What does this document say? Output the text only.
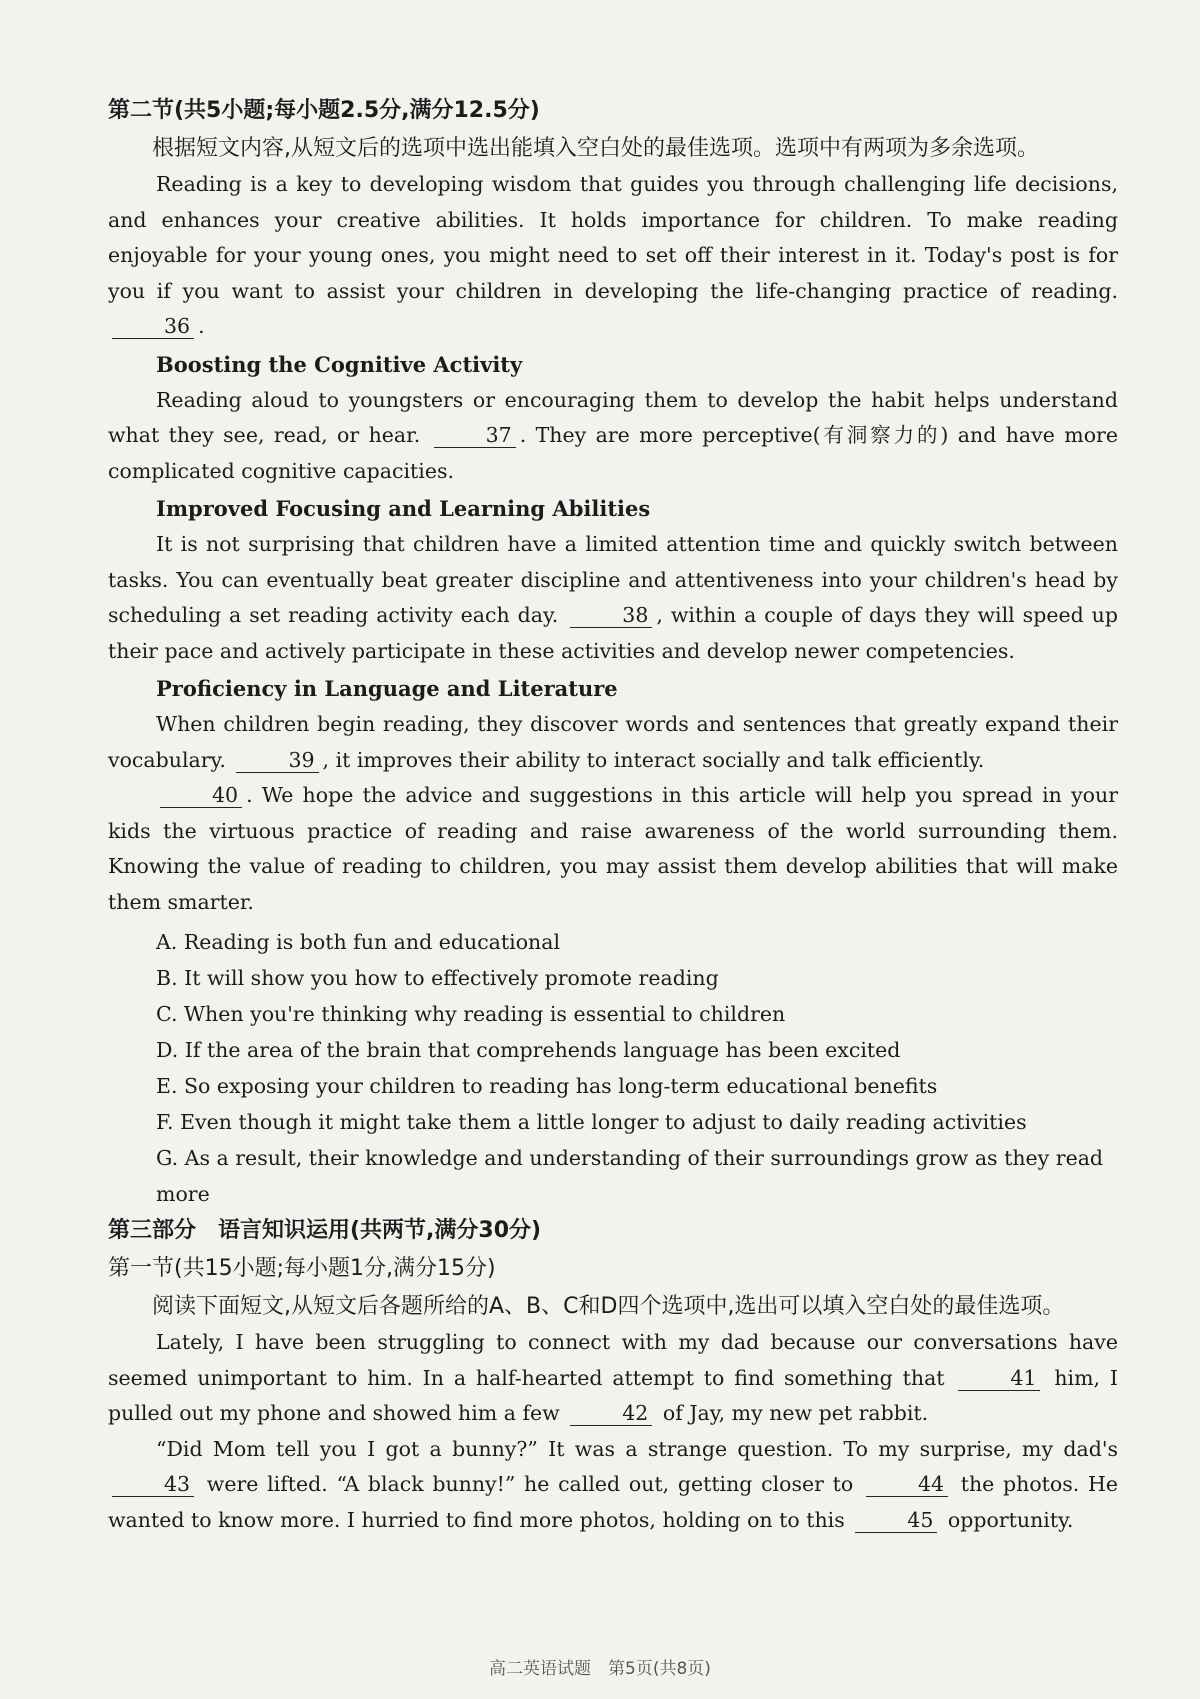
第二节(共5小题;每小题2.5分,满分12.5分)

根据短文内容,从短文后的选项中选出能填入空白处的最佳选项。选项中有两项为多余选项。

Reading is a key to developing wisdom that guides you through challenging life decisions, and enhances your creative abilities. It holds importance for children. To make reading enjoyable for your young ones, you might need to set off their interest in it. Today's post is for you if you want to assist your children in developing the life-changing practice of reading. 36 .

Boosting the Cognitive Activity

Reading aloud to youngsters or encouraging them to develop the habit helps understand what they see, read, or hear.	37 . They are more perceptive(有洞察力的) and have more complicated cognitive capacities.

Improved Focusing and Learning Abilities

It is not surprising that children have a limited attention time and quickly switch between tasks. You can eventually beat greater discipline and attentiveness into your children's head by scheduling a set reading activity each day.	38 , within a couple of days they will speed up their pace and actively participate in these activities and develop newer competencies.

Proficiency in Language and Literature

When children begin reading, they discover words and sentences that greatly expand their vocabulary.	39 , it improves their ability to interact socially and talk efficiently.

40 . We hope the advice and suggestions in this article will help you spread in your kids the virtuous practice of reading and raise awareness of the world surrounding them. Knowing the value of reading to children, you may assist them develop abilities that will make them smarter.

A. Reading is both fun and educational
B. It will show you how to effectively promote reading
C. When you're thinking why reading is essential to children
D. If the area of the brain that comprehends language has been excited
E. So exposing your children to reading has long-term educational benefits
F. Even though it might take them a little longer to adjust to daily reading activities
G. As a result, their knowledge and understanding of their surroundings grow as they read more
第三部分　语言知识运用(共两节,满分30分)
第一节(共15小题;每小题1分,满分15分)

阅读下面短文,从短文后各题所给的A、B、C和D四个选项中,选出可以填入空白处的最佳选项。

Lately, I have been struggling to connect with my dad because our conversations have seemed unimportant to him. In a half-hearted attempt to find something that	41 him, I pulled out my phone and showed him a few	42 of Jay, my new pet rabbit.

“Did Mom tell you I got a bunny?” It was a strange question. To my surprise, my dad's 43 were lifted. “A black bunny!” he called out, getting closer to	44 the photos. He wanted to know more. I hurried to find more photos, holding on to this	45 opportunity.

高二英语试题　第5页(共8页)
